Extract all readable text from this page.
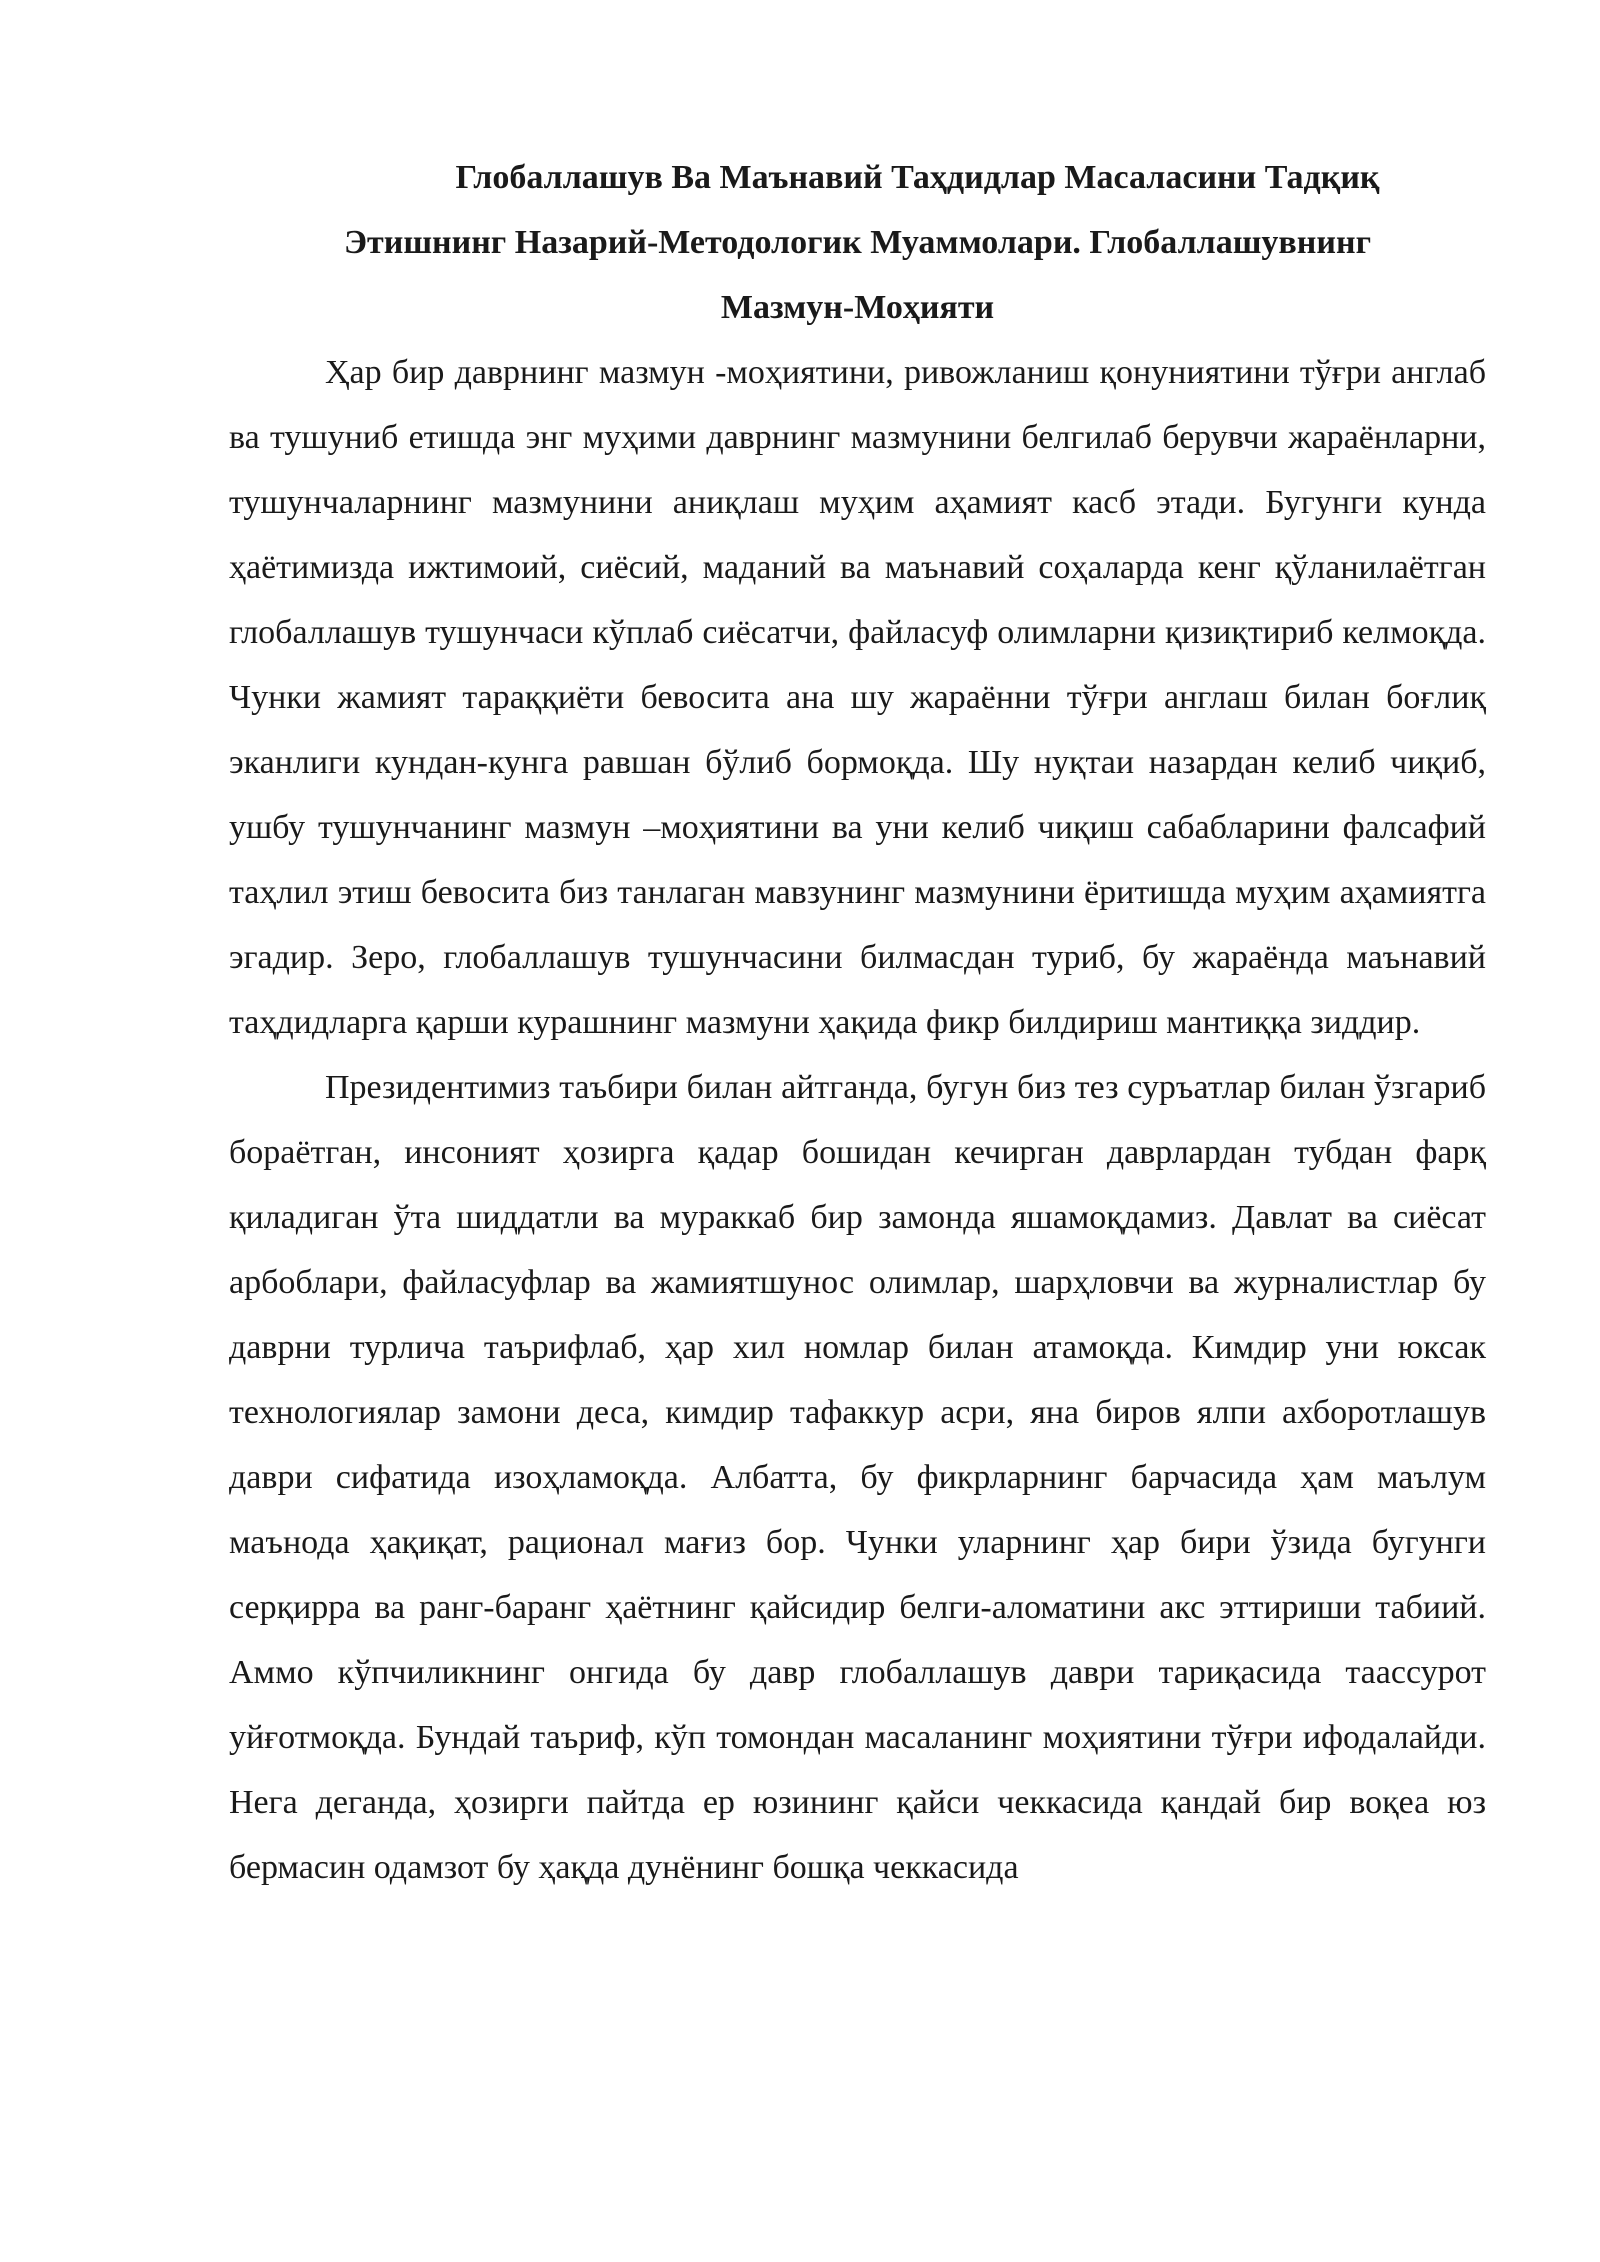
Глобаллашув Ва Маънавий Таҳдидлар Масаласини Тадқиқ
Этишнинг Назарий-Методологик Муаммолари. Глобаллашувнинг
Мазмун-Моҳияти

Ҳар бир даврнинг мазмун -моҳиятини, ривожланиш қонуниятини тўғри англаб ва тушуниб етишда энг муҳими даврнинг мазмунини белгилаб берувчи жараёнларни, тушунчаларнинг мазмунини аниқлаш муҳим аҳамият касб этади. Бугунги кунда ҳаётимизда ижтимоий, сиёсий, маданий ва маънавий соҳаларда кенг қўланилаётган глобаллашув тушунчаси кўплаб сиёсатчи, файласуф олимларни қизиқтириб келмоқда. Чунки жамият тараққиёти бевосита ана шу жараённи тўғри англаш билан боғлиқ эканлиги кундан-кунга равшан бўлиб бормоқда. Шу нуқтаи назардан келиб чиқиб, ушбу тушунчанинг мазмун –моҳиятини ва уни келиб чиқиш сабабларини фалсафий таҳлил этиш бевосита биз танлаган мавзунинг мазмунини ёритишда муҳим аҳамиятга эгадир. Зеро, глобаллашув тушунчасини билмасдан туриб, бу жараёнда маънавий таҳдидларга қарши курашнинг мазмуни ҳақида фикр билдириш мантиққа зиддир.

Президентимиз таъбири билан айтганда, бугун биз тез суръатлар билан ўзгариб бораётган, инсоният ҳозирга қадар бошидан кечирган даврлардан тубдан фарқ қиладиган ўта шиддатли ва мураккаб бир замонда яшамоқдамиз. Давлат ва сиёсат арбоблари, файласуфлар ва жамиятшунос олимлар, шарҳловчи ва журналистлар бу даврни турлича таърифлаб, ҳар хил номлар билан атамоқда. Кимдир уни юксак технологиялар замони деса, кимдир тафаккур асри, яна биров ялпи ахборотлашув даври сифатида изоҳламоқда. Албатта, бу фикрларнинг барчасида ҳам маълум маънода ҳақиқат, рационал мағиз бор. Чунки уларнинг ҳар бири ўзида бугунги серқирра ва ранг-баранг ҳаётнинг қайсидир белги-аломатини акс эттириши табиий. Аммо кўпчиликнинг онгида бу давр глобаллашув даври тариқасида таассурот уйғотмоқда. Бундай таъриф, кўп томондан масаланинг моҳиятини тўғри ифодалайди. Нега деганда, ҳозирги пайтда ер юзининг қайси чеккасида қандай бир воқеа юз бермасин одамзот бу ҳақда дунёнинг бошқа чеккасида
